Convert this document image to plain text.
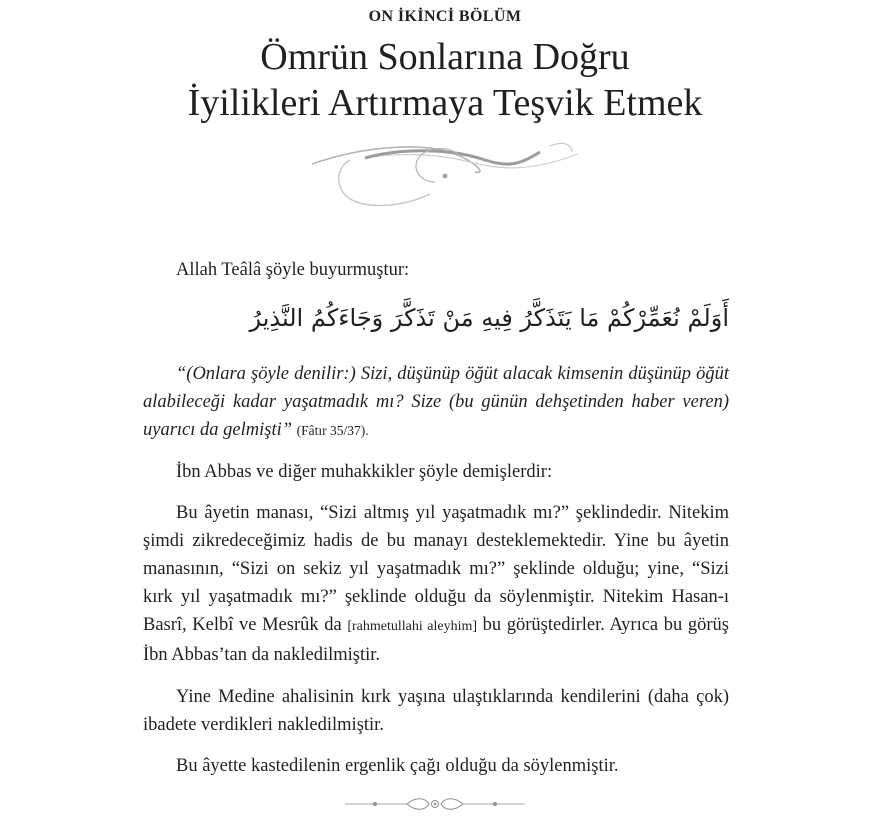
ON İKİNCİ BÖLÜM
Ömrün Sonlarına Doğru
İyilikleri Artırmaya Teşvik Etmek
Allah Teâlâ şöyle buyurmuştur:
أَوَلَمْ نُعَمِّرْكُمْ مَا يَتَذَكَّرُ فِيهِ مَنْ تَذَكَّرَ وَجَاءَكُمُ النَّذِيرُ
“(Onlara şöyle denilir:) Sizi, düşünüp öğüt alacak kimsenin düşünüp öğüt alabileceği kadar yaşatmadık mı? Size (bu günün dehşetinden haber veren) uyarıcı da gelmişti” (Fâtır 35/37).
İbn Abbas ve diğer muhakkikler şöyle demişlerdir:
Bu âyetin manası, “Sizi altmış yıl yaşatmadık mı?” şeklindedir. Nitekim şimdi zikredeceğimiz hadis de bu manayı desteklemektedir. Yine bu âyetin manasının, “Sizi on sekiz yıl yaşatmadık mı?” şeklinde olduğu; yine, “Sizi kırk yıl yaşatmadık mı?” şeklinde olduğu da söylenmiştir. Nitekim Hasan-ı Basrî, Kelbî ve Mesrûk da [rahmetullahi aleyhim] bu görüştedirler. Ayrıca bu görüş İbn Abbas’tan da nakledilmiştir.
Yine Medine ahalisinin kırk yaşına ulaştıklarında kendilerini (daha çok) ibadete verdikleri nakledilmiştir.
Bu âyette kastedilenin ergenlik çağı olduğu da söylenmiştir.
